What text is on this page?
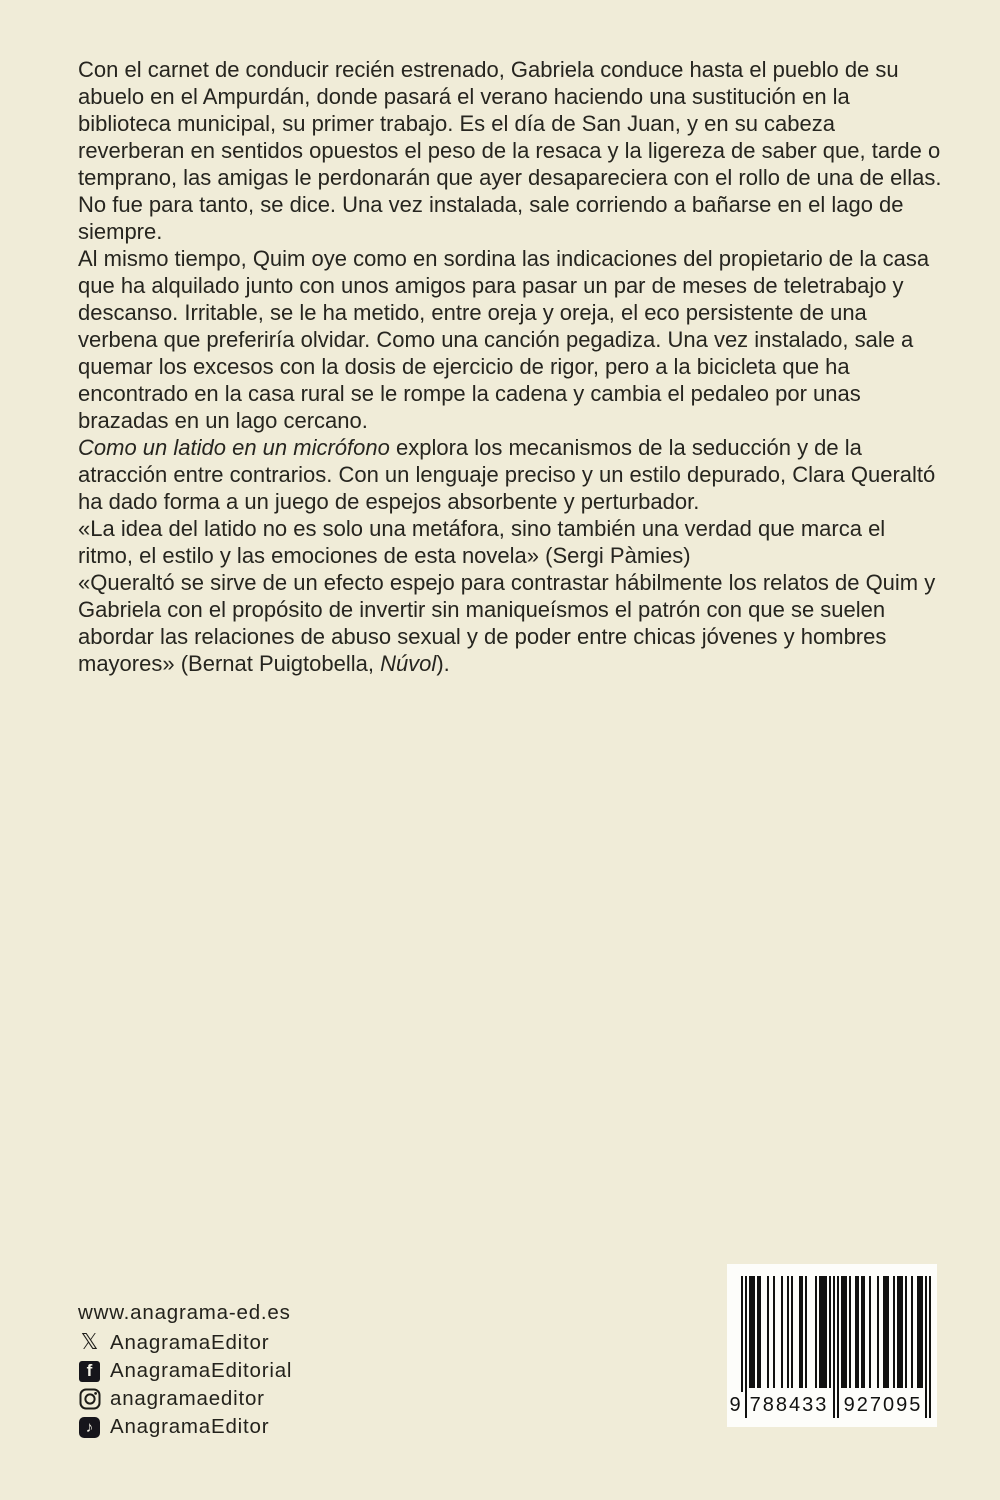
Con el carnet de conducir recién estrenado, Gabriela conduce hasta el pueblo de su abuelo en el Ampurdán, donde pasará el verano haciendo una sustitución en la biblioteca municipal, su primer trabajo. Es el día de San Juan, y en su cabeza reverberan en sentidos opuestos el peso de la resaca y la ligereza de saber que, tarde o temprano, las amigas le perdonarán que ayer desapareciera con el rollo de una de ellas. No fue para tanto, se dice. Una vez instalada, sale corriendo a bañarse en el lago de siempre.

Al mismo tiempo, Quim oye como en sordina las indicaciones del propietario de la casa que ha alquilado junto con unos amigos para pasar un par de meses de teletrabajo y descanso. Irritable, se le ha metido, entre oreja y oreja, el eco persistente de una verbena que preferiría olvidar. Como una canción pegadiza. Una vez instalado, sale a quemar los excesos con la dosis de ejercicio de rigor, pero a la bicicleta que ha encontrado en la casa rural se le rompe la cadena y cambia el pedaleo por unas brazadas en un lago cercano.

Como un latido en un micrófono explora los mecanismos de la seducción y de la atracción entre contrarios. Con un lenguaje preciso y un estilo depurado, Clara Queraltó ha dado forma a un juego de espejos absorbente y perturbador.

«La idea del latido no es solo una metáfora, sino también una verdad que marca el ritmo, el estilo y las emociones de esta novela» (Sergi Pàmies)

«Queraltó se sirve de un efecto espejo para contrastar hábilmente los relatos de Quim y Gabriela con el propósito de invertir sin maniqueísmos el patrón con que se suelen abordar las relaciones de abuso sexual y de poder entre chicas jóvenes y hombres mayores» (Bernat Puigtobella, Núvol).

www.anagrama-ed.es
𝕏 AnagramaEditor
f AnagramaEditorial
anagramaeditor
♪ AnagramaEditor
9 788433 927095
